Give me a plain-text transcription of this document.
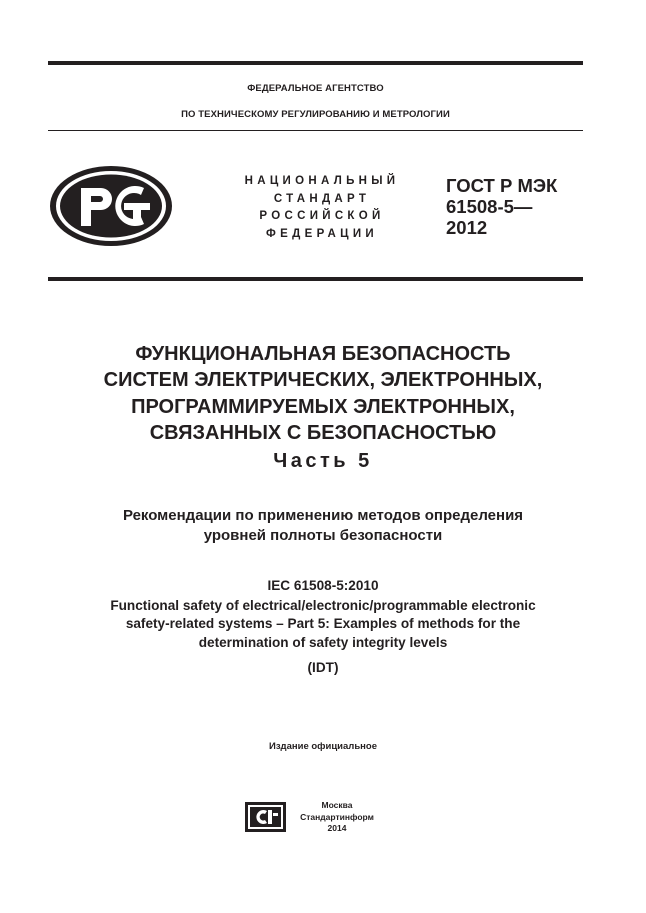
ФЕДЕРАЛЬНОЕ АГЕНТСТВО
ПО ТЕХНИЧЕСКОМУ РЕГУЛИРОВАНИЮ И МЕТРОЛОГИИ
НАЦИОНАЛЬНЫЙ
СТАНДАРТ
РОССИЙСКОЙ
ФЕДЕРАЦИИ
ГОСТ Р МЭК
61508-5—
2012
ФУНКЦИОНАЛЬНАЯ БЕЗОПАСНОСТЬ
СИСТЕМ ЭЛЕКТРИЧЕСКИХ, ЭЛЕКТРОННЫХ,
ПРОГРАММИРУЕМЫХ ЭЛЕКТРОННЫХ,
СВЯЗАННЫХ С БЕЗОПАСНОСТЬЮ
Часть 5
Рекомендации по применению методов определения
уровней полноты безопасности
IEC 61508-5:2010
Functional safety of electrical/electronic/programmable electronic
safety-related systems – Part 5: Examples of methods for the
determination of safety integrity levels
(IDT)
Издание официальное
Москва
Стандартинформ
2014
